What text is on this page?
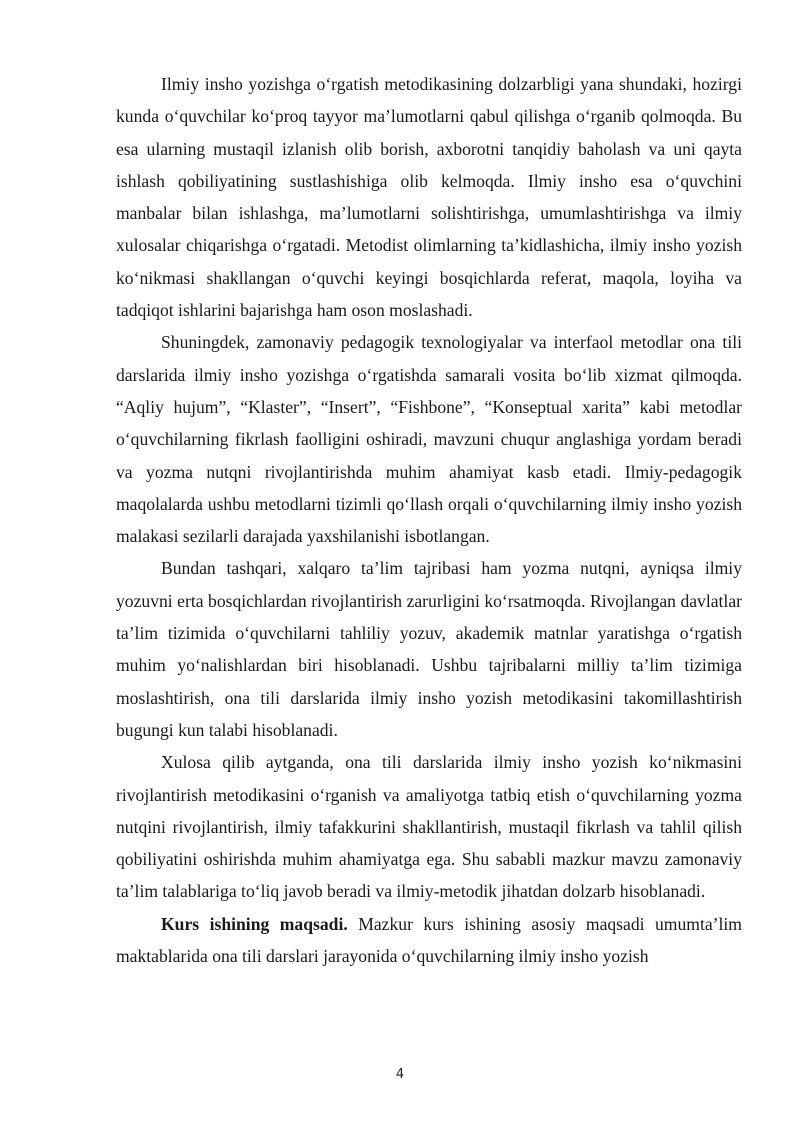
Ilmiy insho yozishga o‘rgatish metodikasining dolzarbligi yana shundaki, hozirgi kunda o‘quvchilar ko‘proq tayyor ma’lumotlarni qabul qilishga o‘rganib qolmoqda. Bu esa ularning mustaqil izlanish olib borish, axborotni tanqidiy baholash va uni qayta ishlash qobiliyatining sustlashishiga olib kelmoqda. Ilmiy insho esa o‘quvchini manbalar bilan ishlashga, ma’lumotlarni solishtirishga, umumlashtirishga va ilmiy xulosalar chiqarishga o‘rgatadi. Metodist olimlarning ta’kidlashicha, ilmiy insho yozish ko‘nikmasi shakllangan o‘quvchi keyingi bosqichlarda referat, maqola, loyiha va tadqiqot ishlarini bajarishga ham oson moslashadi.

Shuningdek, zamonaviy pedagogik texnologiyalar va interfaol metodlar ona tili darslarida ilmiy insho yozishga o‘rgatishda samarali vosita bo‘lib xizmat qilmoqda. “Aqliy hujum”, “Klaster”, “Insert”, “Fishbone”, “Konseptual xarita” kabi metodlar o‘quvchilarning fikrlash faolligini oshiradi, mavzuni chuqur anglashiga yordam beradi va yozma nutqni rivojlantirishda muhim ahamiyat kasb etadi. Ilmiy-pedagogik maqolalarda ushbu metodlarni tizimli qo‘llash orqali o‘quvchilarning ilmiy insho yozish malakasi sezilarli darajada yaxshilanishi isbotlangan.

Bundan tashqari, xalqaro ta’lim tajribasi ham yozma nutqni, ayniqsa ilmiy yozuvni erta bosqichlardan rivojlantirish zarurligini ko‘rsatmoqda. Rivojlangan davlatlar ta’lim tizimida o‘quvchilarni tahliliy yozuv, akademik matnlar yaratishga o‘rgatish muhim yo‘nalishlardan biri hisoblanadi. Ushbu tajribalarni milliy ta’lim tizimiga moslashtirish, ona tili darslarida ilmiy insho yozish metodikasini takomillashtirish bugungi kun talabi hisoblanadi.

Xulosa qilib aytganda, ona tili darslarida ilmiy insho yozish ko‘nikmasini rivojlantirish metodikasini o‘rganish va amaliyotga tatbiq etish o‘quvchilarning yozma nutqini rivojlantirish, ilmiy tafakkurini shakllantirish, mustaqil fikrlash va tahlil qilish qobiliyatini oshirishda muhim ahamiyatga ega. Shu sababli mazkur mavzu zamonaviy ta’lim talablariga to‘liq javob beradi va ilmiy-metodik jihatdan dolzarb hisoblanadi.

Kurs ishining maqsadi. Mazkur kurs ishining asosiy maqsadi umumta’lim maktablarida ona tili darslari jarayonida o‘quvchilarning ilmiy insho yozish

4
